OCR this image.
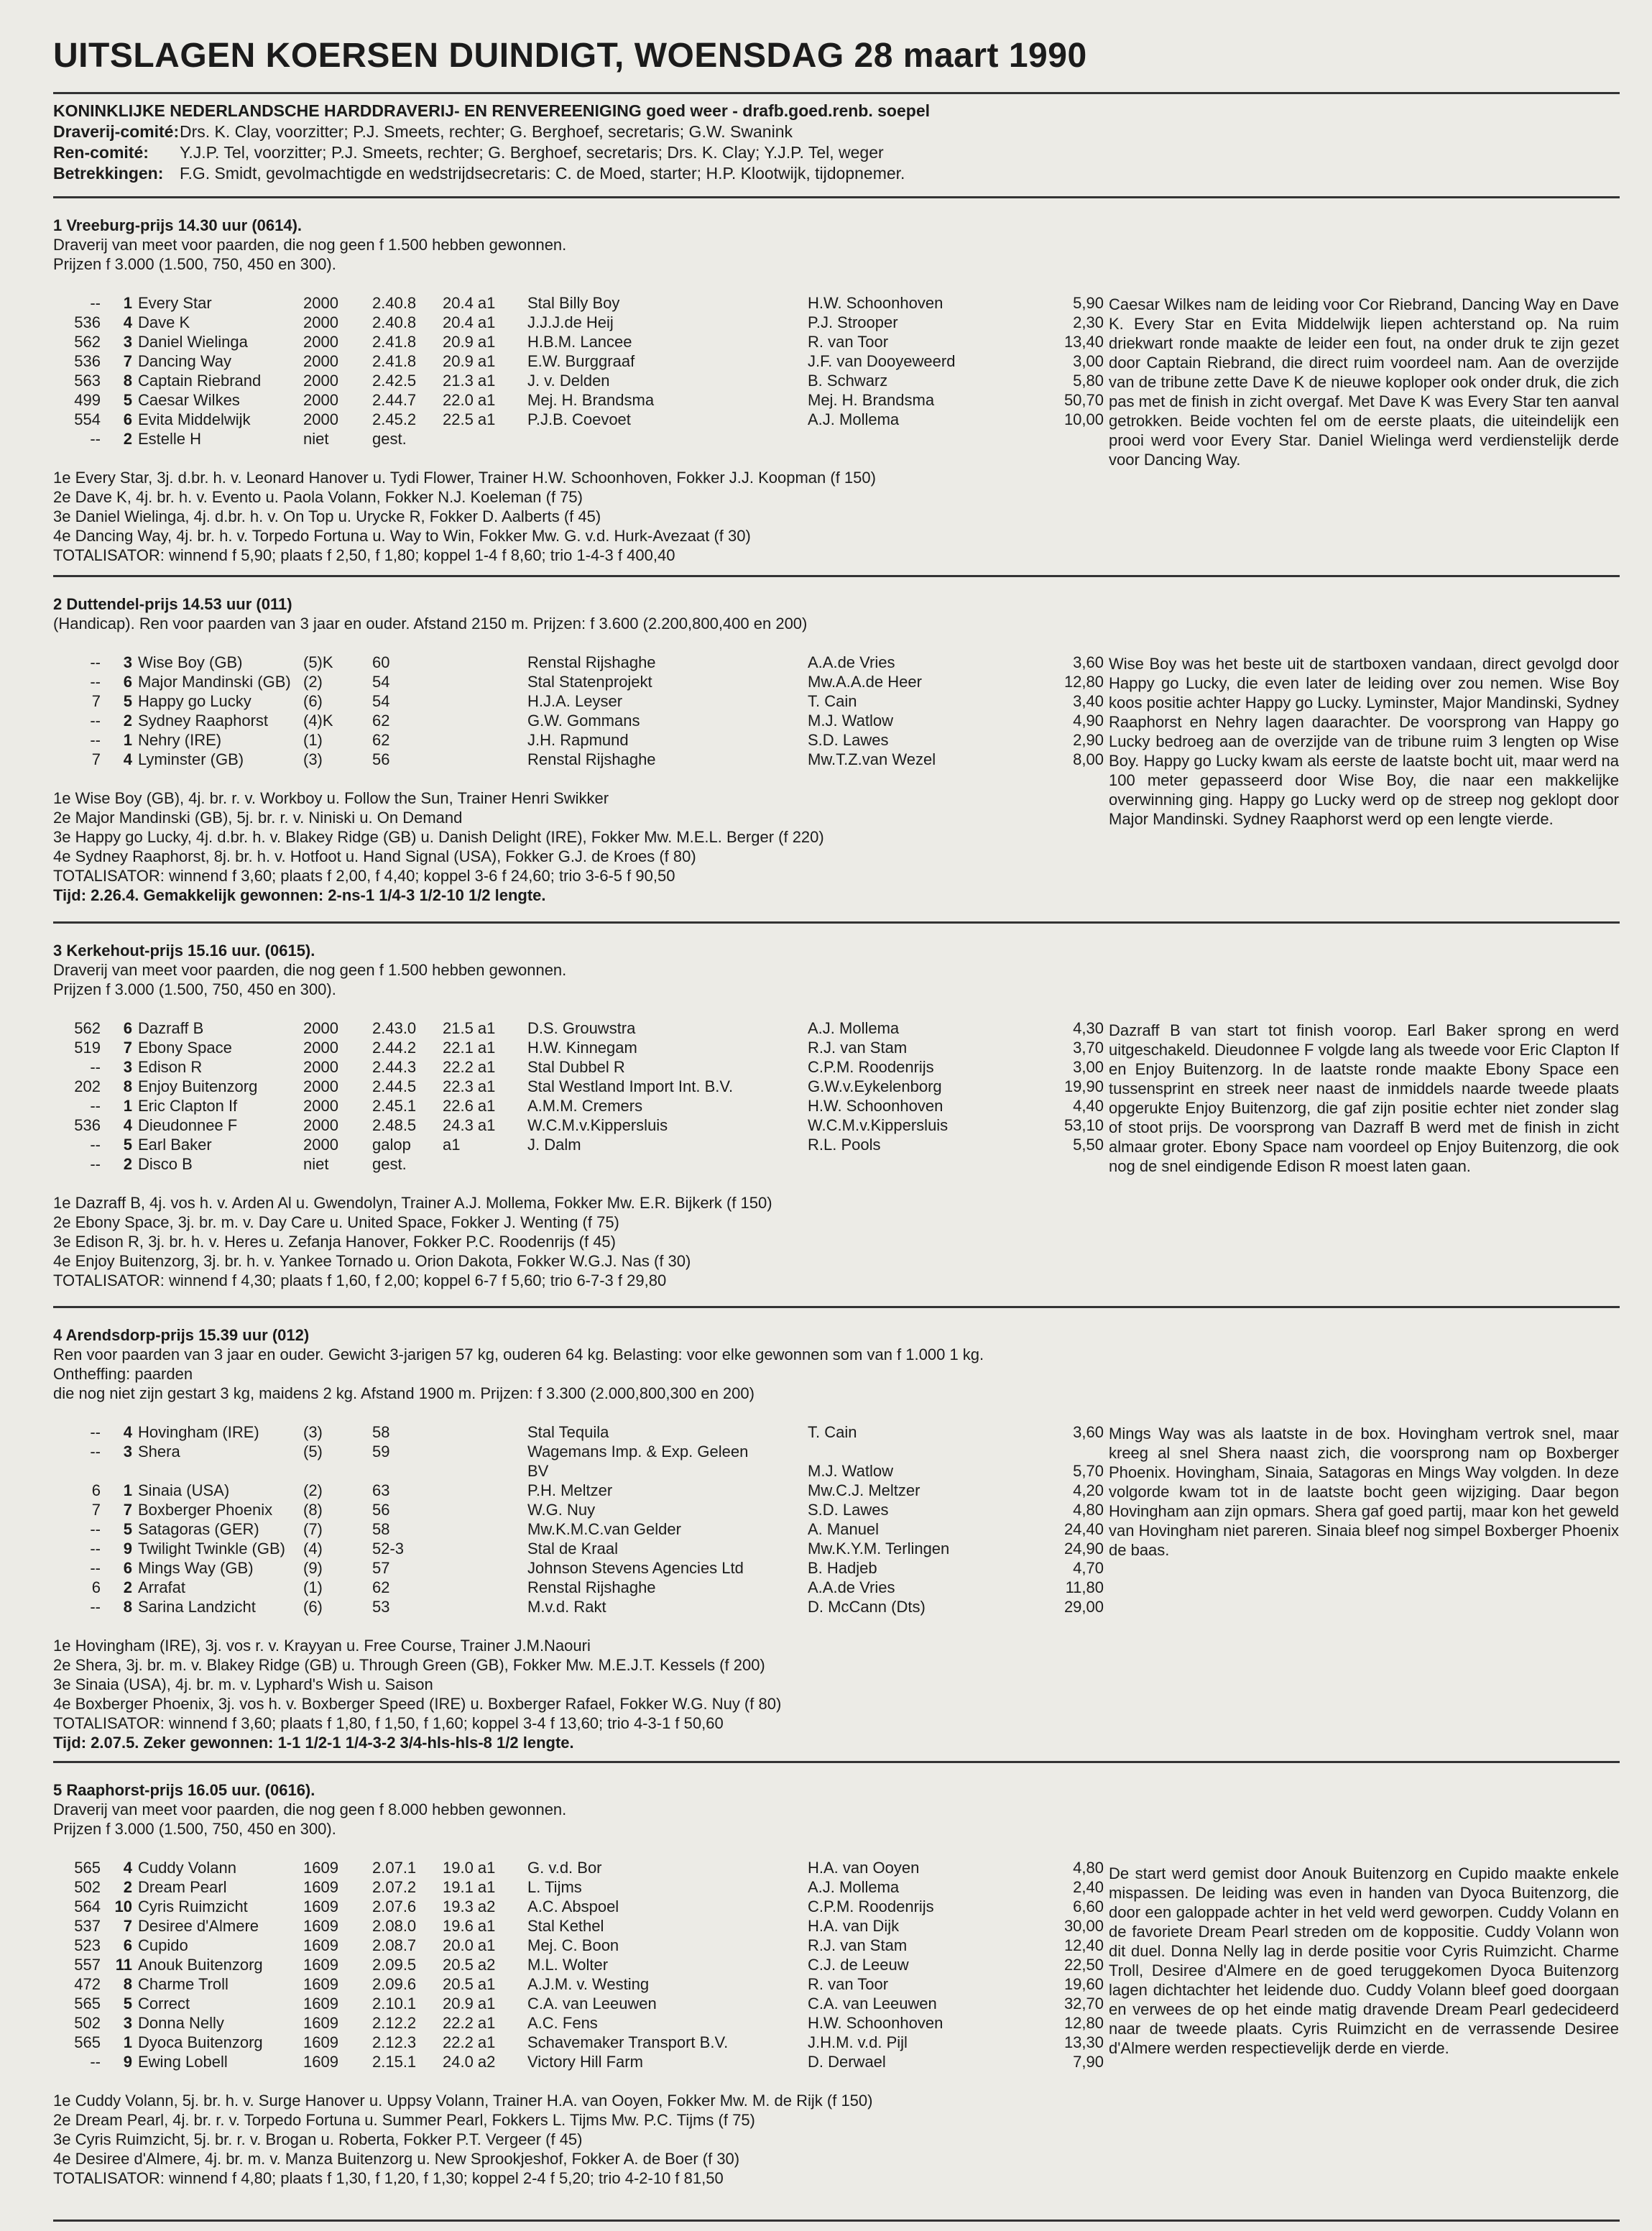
UITSLAGEN KOERSEN DUINDIGT, WOENSDAG 28 maart 1990
KONINKLIJKE NEDERLANDSCHE HARDDRAVERIJ- EN RENVEREENIGING goed weer - drafb.goed.renb. soepel
Draverij-comité:Drs. K. Clay, voorzitter; P.J. Smeets, rechter; G. Berghoef, secretaris; G.W. Swanink
Ren-comité: Y.J.P. Tel, voorzitter; P.J. Smeets, rechter; G. Berghoef, secretaris; Drs. K. Clay; Y.J.P. Tel, weger
Betrekkingen: F.G. Smidt, gevolmachtigde en wedstrijdsecretaris: C. de Moed, starter; H.P. Klootwijk, tijdopnemer.
1 Vreeburg-prijs 14.30 uur (0614).
Draverij van meet voor paarden, die nog geen f 1.500 hebben gewonnen.
Prijzen f 3.000 (1.500, 750, 450 en 300).
--	1	Every Star	2000	2.40.8	20.4 a1	Stal Billy Boy	H.W. Schoonhoven	5,90
536	4	Dave K	2000	2.40.8	20.4 a1	J.J.J.de Heij	P.J. Strooper	2,30
562	3	Daniel Wielinga	2000	2.41.8	20.9 a1	H.B.M. Lancee	R. van Toor	13,40
536	7	Dancing Way	2000	2.41.8	20.9 a1	E.W. Burggraaf	J.F. van Dooyeweerd	3,00
563	8	Captain Riebrand	2000	2.42.5	21.3 a1	J. v. Delden	B. Schwarz	5,80
499	5	Caesar Wilkes	2000	2.44.7	22.0 a1	Mej. H. Brandsma	Mej. H. Brandsma	50,70
554	6	Evita Middelwijk	2000	2.45.2	22.5 a1	P.J.B. Coevoet	A.J. Mollema	10,00
--	2	Estelle H	niet	gest.				
1e Every Star, 3j. d.br. h. v. Leonard Hanover u. Tydi Flower, Trainer H.W. Schoonhoven, Fokker J.J. Koopman (f 150)
2e Dave K, 4j. br. h. v. Evento u. Paola Volann, Fokker N.J. Koeleman (f 75)
3e Daniel Wielinga, 4j. d.br. h. v. On Top u. Urycke R, Fokker D. Aalberts (f 45)
4e Dancing Way, 4j. br. h. v. Torpedo Fortuna u. Way to Win, Fokker Mw. G. v.d. Hurk-Avezaat (f 30)
TOTALISATOR: winnend f 5,90; plaats f 2,50, f 1,80; koppel 1-4 f 8,60; trio 1-4-3 f 400,40
Caesar Wilkes nam de leiding voor Cor Riebrand, Dancing Way en Dave K. Every Star en Evita Middelwijk liepen achterstand op. Na ruim driekwart ronde maakte de leider een fout, na onder druk te zijn gezet door Captain Riebrand, die direct ruim voordeel nam. Aan de overzijde van de tribune zette Dave K de nieuwe koploper ook onder druk, die zich pas met de finish in zicht overgaf. Met Dave K was Every Star ten aanval getrokken. Beide vochten fel om de eerste plaats, die uiteindelijk een prooi werd voor Every Star. Daniel Wielinga werd verdienstelijk derde voor Dancing Way.
2 Duttendel-prijs 14.53 uur (011)
(Handicap). Ren voor paarden van 3 jaar en ouder. Afstand 2150 m. Prijzen: f 3.600 (2.200,800,400 en 200)
--	3	Wise Boy (GB)	(5)K	60		Renstal Rijshaghe	A.A.de Vries	3,60
--	6	Major Mandinski (GB)	(2)	54		Stal Statenprojekt	Mw.A.A.de Heer	12,80
7	5	Happy go Lucky	(6)	54		H.J.A. Leyser	T. Cain	3,40
--	2	Sydney Raaphorst	(4)K	62		G.W. Gommans	M.J. Watlow	4,90
--	1	Nehry (IRE)	(1)	62		J.H. Rapmund	S.D. Lawes	2,90
7	4	Lyminster (GB)	(3)	56		Renstal Rijshaghe	Mw.T.Z.van Wezel	8,00
1e Wise Boy (GB), 4j. br. r. v. Workboy u. Follow the Sun, Trainer Henri Swikker
2e Major Mandinski (GB), 5j. br. r. v. Niniski u. On Demand
3e Happy go Lucky, 4j. d.br. h. v. Blakey Ridge (GB) u. Danish Delight (IRE), Fokker Mw. M.E.L. Berger (f 220)
4e Sydney Raaphorst, 8j. br. h. v. Hotfoot u. Hand Signal (USA), Fokker G.J. de Kroes (f 80)
TOTALISATOR: winnend f 3,60; plaats f 2,00, f 4,40; koppel 3-6 f 24,60; trio 3-6-5 f 90,50
Tijd: 2.26.4. Gemakkelijk gewonnen: 2-ns-1 1/4-3 1/2-10 1/2 lengte.
Wise Boy was het beste uit de startboxen vandaan, direct gevolgd door Happy go Lucky, die even later de leiding over zou nemen. Wise Boy koos positie achter Happy go Lucky. Lyminster, Major Mandinski, Sydney Raaphorst en Nehry lagen daarachter. De voorsprong van Happy go Lucky bedroeg aan de overzijde van de tribune ruim 3 lengten op Wise Boy. Happy go Lucky kwam als eerste de laatste bocht uit, maar werd na 100 meter gepasseerd door Wise Boy, die naar een makkelijke overwinning ging. Happy go Lucky werd op de streep nog geklopt door Major Mandinski. Sydney Raaphorst werd op een lengte vierde.
3 Kerkehout-prijs 15.16 uur. (0615).
Draverij van meet voor paarden, die nog geen f 1.500 hebben gewonnen.
Prijzen f 3.000 (1.500, 750, 450 en 300).
562	6	Dazraff B	2000	2.43.0	21.5 a1	D.S. Grouwstra	A.J. Mollema	4,30
519	7	Ebony Space	2000	2.44.2	22.1 a1	H.W. Kinnegam	R.J. van Stam	3,70
--	3	Edison R	2000	2.44.3	22.2 a1	Stal Dubbel R	C.P.M. Roodenrijs	3,00
202	8	Enjoy Buitenzorg	2000	2.44.5	22.3 a1	Stal Westland Import Int. B.V.	G.W.v.Eykelenborg	19,90
--	1	Eric Clapton If	2000	2.45.1	22.6 a1	A.M.M. Cremers	H.W. Schoonhoven	4,40
536	4	Dieudonnee F	2000	2.48.5	24.3 a1	W.C.M.v.Kippersluis	W.C.M.v.Kippersluis	53,10
--	5	Earl Baker	2000	galop	a1	J. Dalm	R.L. Pools	5,50
--	2	Disco B	niet	gest.				
1e Dazraff B, 4j. vos h. v. Arden Al u. Gwendolyn, Trainer A.J. Mollema, Fokker Mw. E.R. Bijkerk (f 150)
2e Ebony Space, 3j. br. m. v. Day Care u. United Space, Fokker J. Wenting (f 75)
3e Edison R, 3j. br. h. v. Heres u. Zefanja Hanover, Fokker P.C. Roodenrijs (f 45)
4e Enjoy Buitenzorg, 3j. br. h. v. Yankee Tornado u. Orion Dakota, Fokker W.G.J. Nas (f 30)
TOTALISATOR: winnend f 4,30; plaats f 1,60, f 2,00; koppel 6-7 f 5,60; trio 6-7-3 f 29,80
Dazraff B van start tot finish voorop. Earl Baker sprong en werd uitgeschakeld. Dieudonnee F volgde lang als tweede voor Eric Clapton If en Enjoy Buitenzorg. In de laatste ronde maakte Ebony Space een tussensprint en streek neer naast de inmiddels naarde tweede plaats opgerukte Enjoy Buitenzorg, die gaf zijn positie echter niet zonder slag of stoot prijs. De voorsprong van Dazraff B werd met de finish in zicht almaar groter. Ebony Space nam voordeel op Enjoy Buitenzorg, die ook nog de snel eindigende Edison R moest laten gaan.
4 Arendsdorp-prijs 15.39 uur (012)
Ren voor paarden van 3 jaar en ouder. Gewicht 3-jarigen 57 kg, ouderen 64 kg. Belasting: voor elke gewonnen som van f 1.000 1 kg.
Ontheffing: paarden
die nog niet zijn gestart 3 kg, maidens 2 kg. Afstand 1900 m. Prijzen: f 3.300 (2.000,800,300 en 200)
--	4	Hovingham (IRE)	(3)	58		Stal Tequila	T. Cain	3,60
--	3	Shera	(5)	59		Wagemans Imp. & Exp. Geleen		
						BV	M.J. Watlow	5,70
6	1	Sinaia (USA)	(2)	63		P.H. Meltzer	Mw.C.J. Meltzer	4,20
7	7	Boxberger Phoenix	(8)	56		W.G. Nuy	S.D. Lawes	4,80
--	5	Satagoras (GER)	(7)	58		Mw.K.M.C.van Gelder	A. Manuel	24,40
--	9	Twilight Twinkle (GB)	(4)	52-3		Stal de Kraal	Mw.K.Y.M. Terlingen	24,90
--	6	Mings Way (GB)	(9)	57		Johnson Stevens Agencies Ltd	B. Hadjeb	4,70
6	2	Arrafat	(1)	62		Renstal Rijshaghe	A.A.de Vries	11,80
--	8	Sarina Landzicht	(6)	53		M.v.d. Rakt	D. McCann (Dts)	29,00
1e Hovingham (IRE), 3j. vos r. v. Krayyan u. Free Course, Trainer J.M.Naouri
2e Shera, 3j. br. m. v. Blakey Ridge (GB) u. Through Green (GB), Fokker Mw. M.E.J.T. Kessels (f 200)
3e Sinaia (USA), 4j. br. m. v. Lyphard's Wish u. Saison
4e Boxberger Phoenix, 3j. vos h. v. Boxberger Speed (IRE) u. Boxberger Rafael, Fokker W.G. Nuy (f 80)
TOTALISATOR: winnend f 3,60; plaats f 1,80, f 1,50, f 1,60; koppel 3-4 f 13,60; trio 4-3-1 f 50,60
Tijd: 2.07.5. Zeker gewonnen: 1-1 1/2-1 1/4-3-2 3/4-hls-hls-8 1/2 lengte.
Mings Way was als laatste in de box. Hovingham vertrok snel, maar kreeg al snel Shera naast zich, die voorsprong nam op Boxberger Phoenix. Hovingham, Sinaia, Satagoras en Mings Way volgden. In deze volgorde kwam tot in de laatste bocht geen wijziging. Daar begon Hovingham aan zijn opmars. Shera gaf goed partij, maar kon het geweld van Hovingham niet pareren. Sinaia bleef nog simpel Boxberger Phoenix de baas.
5 Raaphorst-prijs 16.05 uur. (0616).
Draverij van meet voor paarden, die nog geen f 8.000 hebben gewonnen.
Prijzen f 3.000 (1.500, 750, 450 en 300).
565	4	Cuddy Volann	1609	2.07.1	19.0 a1	G. v.d. Bor	H.A. van Ooyen	4,80
502	2	Dream Pearl	1609	2.07.2	19.1 a1	L. Tijms	A.J. Mollema	2,40
564	10	Cyris Ruimzicht	1609	2.07.6	19.3 a2	A.C. Abspoel	C.P.M. Roodenrijs	6,60
537	7	Desiree d'Almere	1609	2.08.0	19.6 a1	Stal Kethel	H.A. van Dijk	30,00
523	6	Cupido	1609	2.08.7	20.0 a1	Mej. C. Boon	R.J. van Stam	12,40
557	11	Anouk Buitenzorg	1609	2.09.5	20.5 a2	M.L. Wolter	C.J. de Leeuw	22,50
472	8	Charme Troll	1609	2.09.6	20.5 a1	A.J.M. v. Westing	R. van Toor	19,60
565	5	Correct	1609	2.10.1	20.9 a1	C.A. van Leeuwen	C.A. van Leeuwen	32,70
502	3	Donna Nelly	1609	2.12.2	22.2 a1	A.C. Fens	H.W. Schoonhoven	12,80
565	1	Dyoca Buitenzorg	1609	2.12.3	22.2 a1	Schavemaker Transport B.V.	J.H.M. v.d. Pijl	13,30
--	9	Ewing Lobell	1609	2.15.1	24.0 a2	Victory Hill Farm	D. Derwael	7,90
1e Cuddy Volann, 5j. br. h. v. Surge Hanover u. Uppsy Volann, Trainer H.A. van Ooyen, Fokker Mw. M. de Rijk (f 150)
2e Dream Pearl, 4j. br. r. v. Torpedo Fortuna u. Summer Pearl, Fokkers L. Tijms Mw. P.C. Tijms (f 75)
3e Cyris Ruimzicht, 5j. br. r. v. Brogan u. Roberta, Fokker P.T. Vergeer (f 45)
4e Desiree d'Almere, 4j. br. m. v. Manza Buitenzorg u. New Sprookjeshof, Fokker A. de Boer (f 30)
TOTALISATOR: winnend f 4,80; plaats f 1,30, f 1,20, f 1,30; koppel 2-4 f 5,20; trio 4-2-10 f 81,50
De start werd gemist door Anouk Buitenzorg en Cupido maakte enkele mispassen. De leiding was even in handen van Dyoca Buitenzorg, die door een galoppade achter in het veld werd geworpen. Cuddy Volann en de favoriete Dream Pearl streden om de koppositie. Cuddy Volann won dit duel. Donna Nelly lag in derde positie voor Cyris Ruimzicht. Charme Troll, Desiree d'Almere en de goed teruggekomen Dyoca Buitenzorg lagen dichtachter het leidende duo. Cuddy Volann bleef goed doorgaan en verwees de op het einde matig dravende Dream Pearl gedecideerd naar de tweede plaats. Cyris Ruimzicht en de verrassende Desiree d'Almere werden respectievelijk derde en vierde.
